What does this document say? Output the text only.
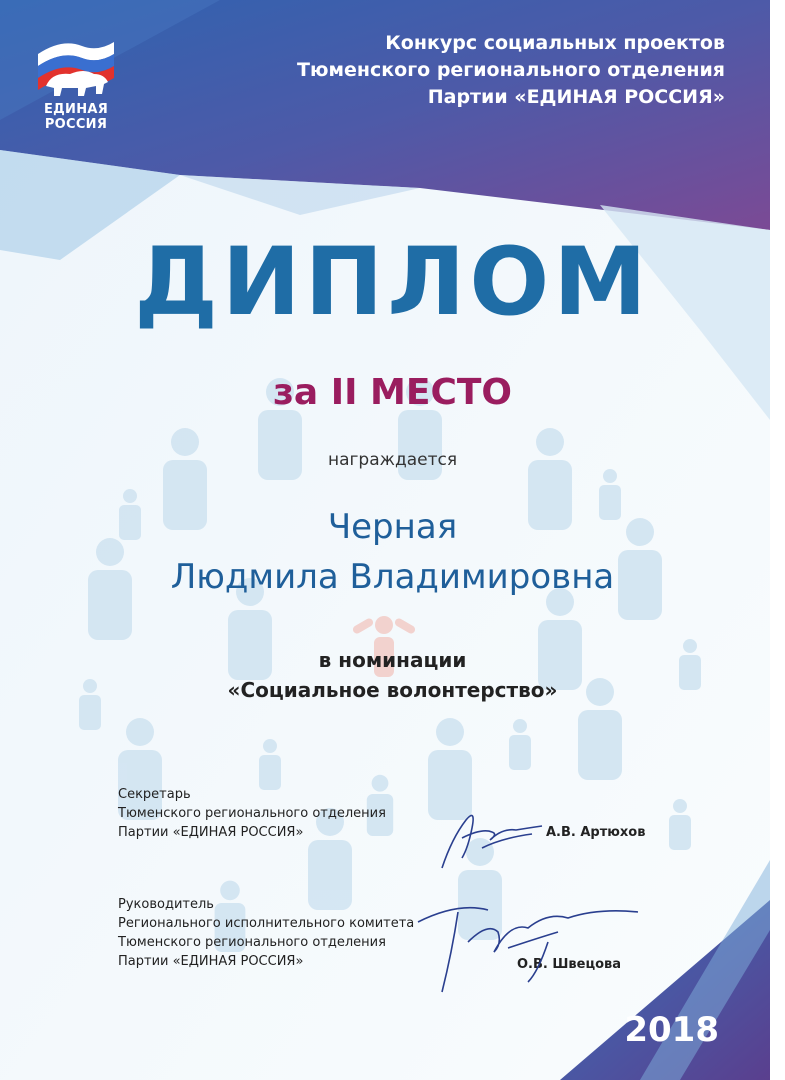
ЕДИНАЯ
РОССИЯ
Конкурс социальных проектов
Тюменского регионального отделения
Партии «ЕДИНАЯ РОССИЯ»
ДИПЛОМ
за II МЕСТО
награждается
Черная
Людмила Владимировна
в номинации
«Социальное волонтерство»
Секретарь
Тюменского регионального отделения
Партии «ЕДИНАЯ РОССИЯ»	А.В. Артюхов
Руководитель
Регионального исполнительного комитета
Тюменского регионального отделения
Партии «ЕДИНАЯ РОССИЯ»	О.В. Швецова
2018
